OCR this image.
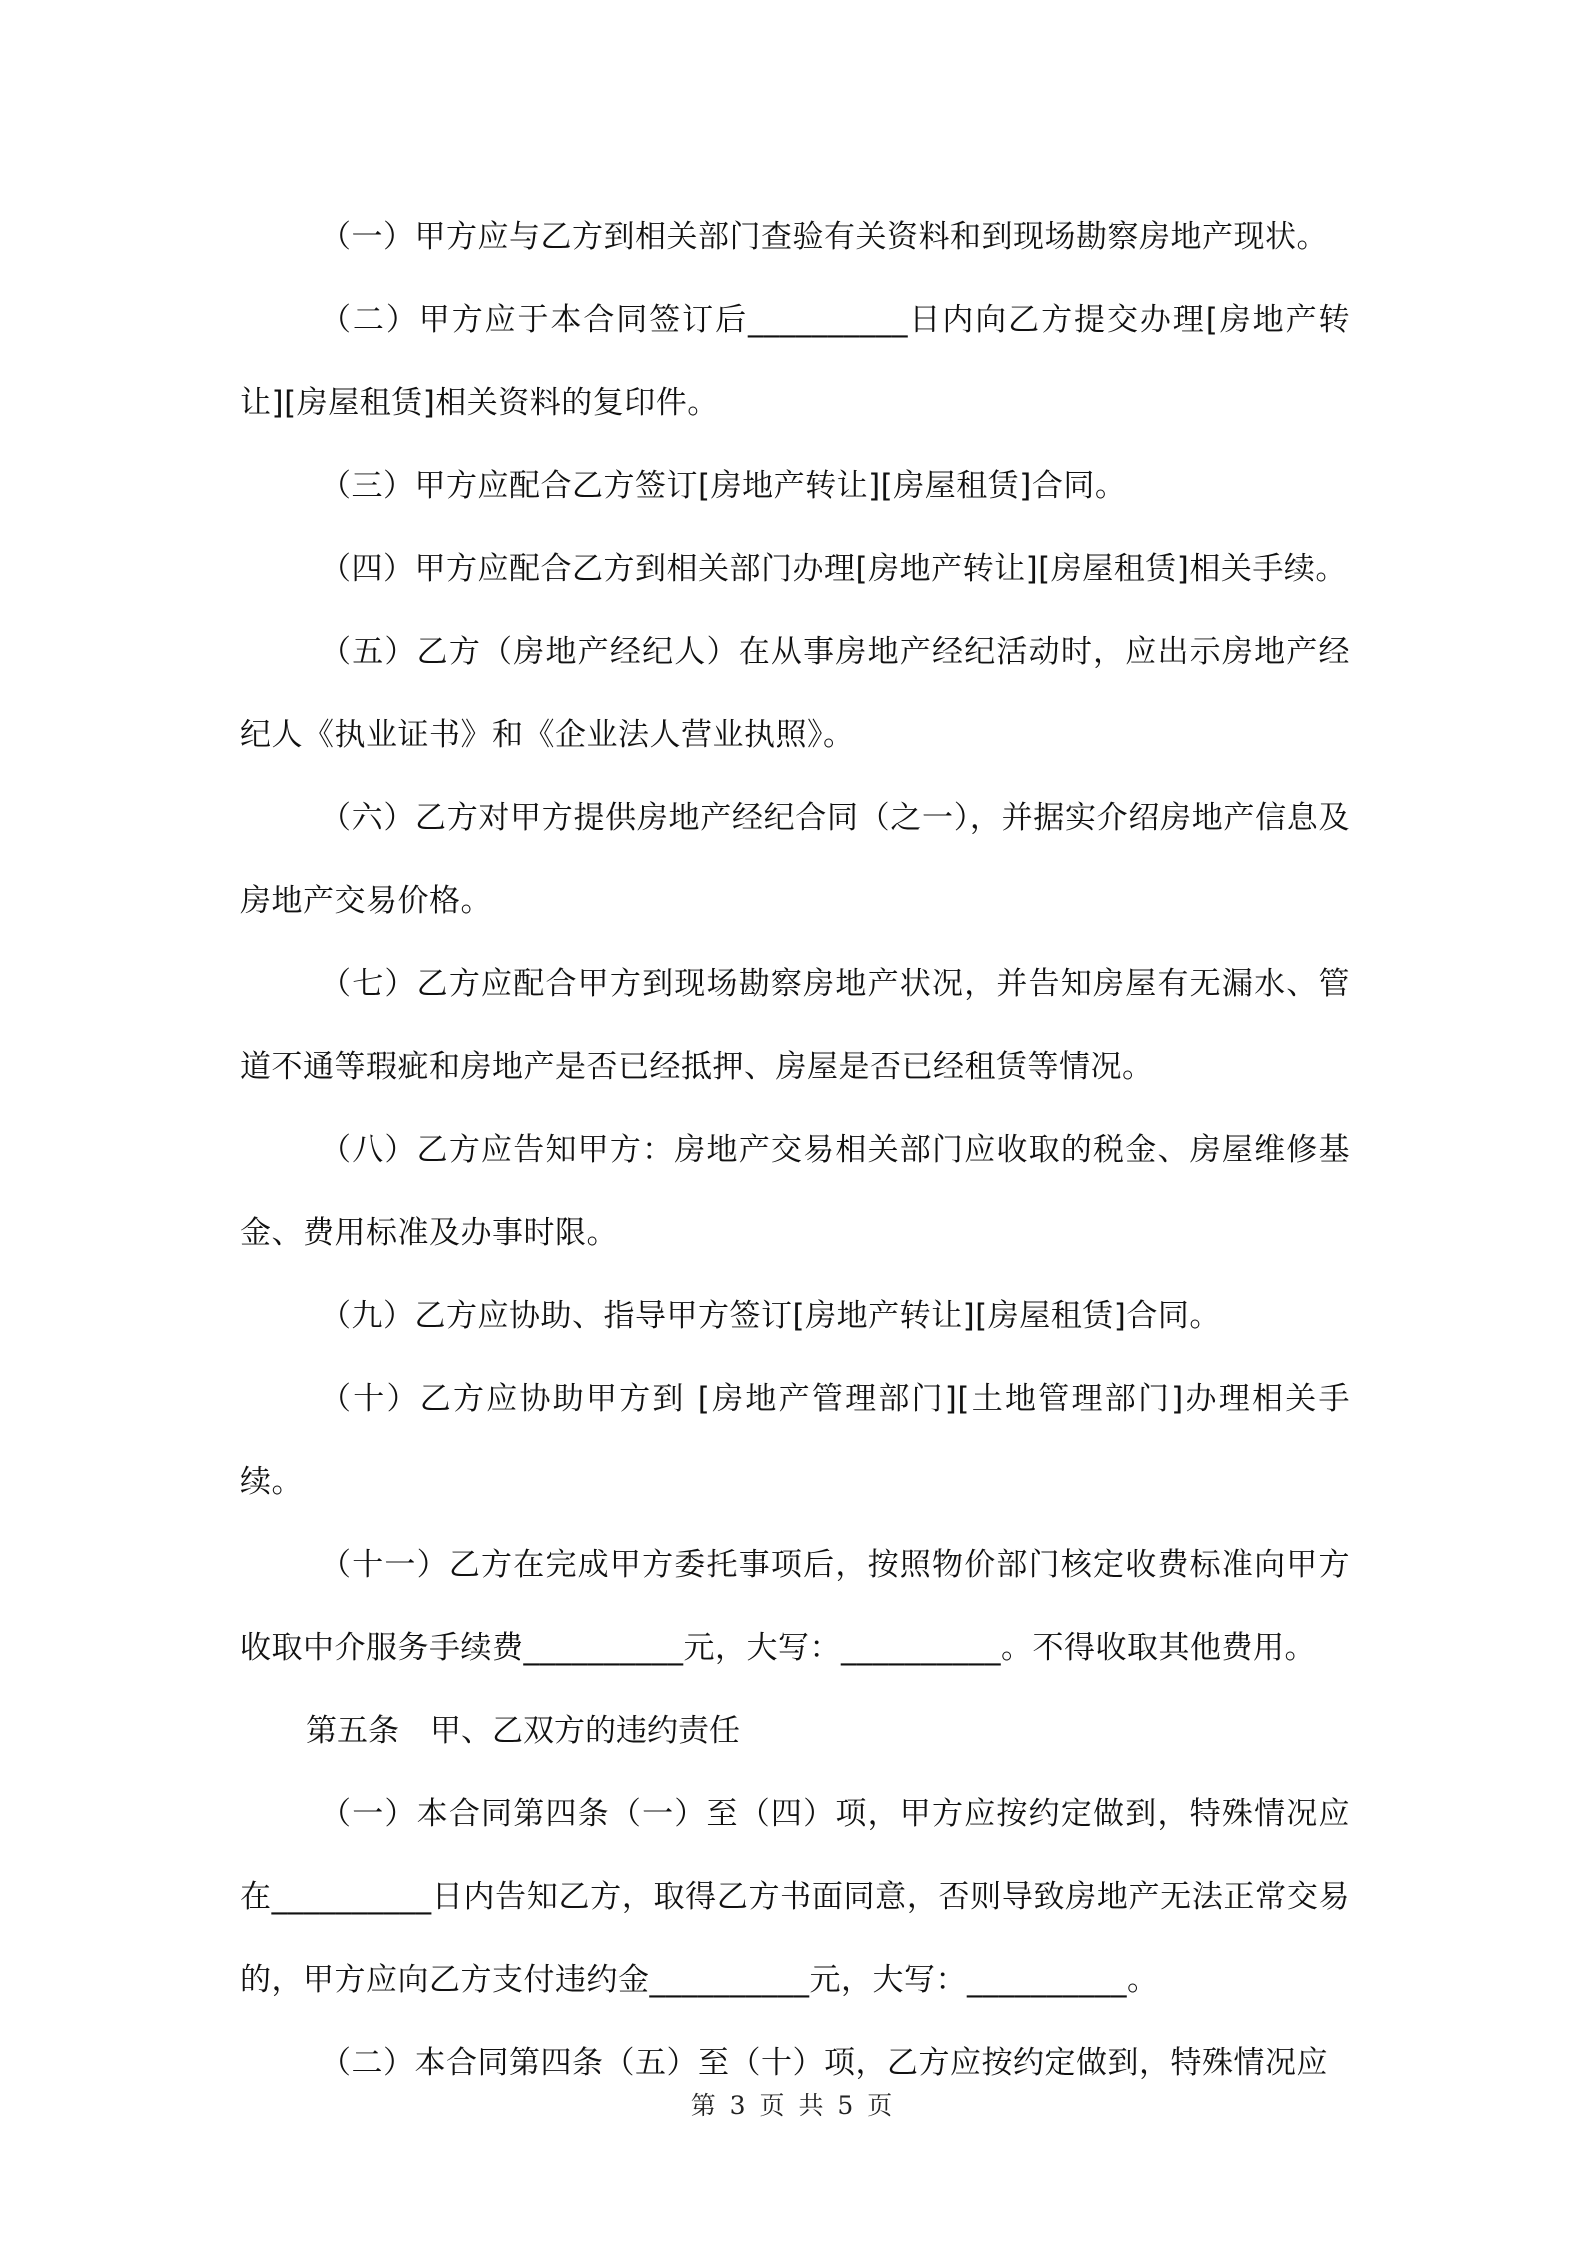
（一）甲方应与乙方到相关部门查验有关资料和到现场勘察房地产现状。

（二）甲方应于本合同签订后__________日内向乙方提交办理[房地产转让][房屋租赁]相关资料的复印件。

（三）甲方应配合乙方签订[房地产转让][房屋租赁]合同。

（四）甲方应配合乙方到相关部门办理[房地产转让][房屋租赁]相关手续。

（五）乙方（房地产经纪人）在从事房地产经纪活动时，应出示房地产经纪人《执业证书》和《企业法人营业执照》。

（六）乙方对甲方提供房地产经纪合同（之一），并据实介绍房地产信息及房地产交易价格。

（七）乙方应配合甲方到现场勘察房地产状况，并告知房屋有无漏水、管道不通等瑕疵和房地产是否已经抵押、房屋是否已经租赁等情况。

（八）乙方应告知甲方：房地产交易相关部门应收取的税金、房屋维修基金、费用标准及办事时限。

（九）乙方应协助、指导甲方签订[房地产转让][房屋租赁]合同。

（十）乙方应协助甲方到 [房地产管理部门][土地管理部门]办理相关手续。

（十一）乙方在完成甲方委托事项后，按照物价部门核定收费标准向甲方收取中介服务手续费__________元，大写：__________。不得收取其他费用。

第五条　甲、乙双方的违约责任

（一）本合同第四条（一）至（四）项，甲方应按约定做到，特殊情况应在__________日内告知乙方，取得乙方书面同意，否则导致房地产无法正常交易的，甲方应向乙方支付违约金__________元，大写：__________。

（二）本合同第四条（五）至（十）项，乙方应按约定做到，特殊情况应

第 3 页 共 5 页
